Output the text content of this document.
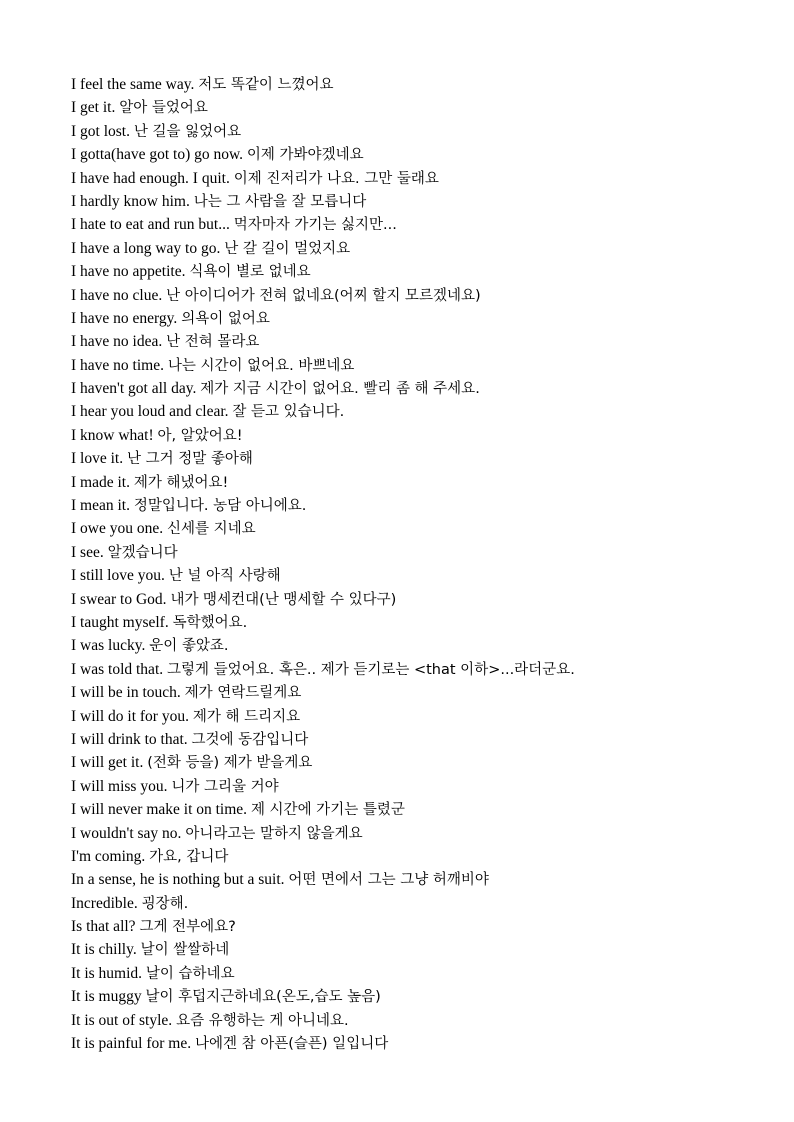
I feel the same way. 저도 똑같이 느꼈어요
I get it. 알아 들었어요
I got lost. 난 길을 잃었어요
I gotta(have got to) go now. 이제 가봐야겠네요
I have had enough. I quit. 이제 진저리가 나요. 그만 둘래요
I hardly know him. 나는 그 사람을 잘 모릅니다
I hate to eat and run but... 먹자마자 가기는 싫지만...
I have a long way to go. 난 갈 길이 멀었지요
I have no appetite. 식욕이 별로 없네요
I have no clue. 난 아이디어가 전혀 없네요(어찌 할지 모르겠네요)
I have no energy. 의욕이 없어요
I have no idea. 난 전혀 몰라요
I have no time. 나는 시간이 없어요. 바쁘네요
I haven't got all day. 제가 지금 시간이 없어요. 빨리 좀 해 주세요.
I hear you loud and clear. 잘 듣고 있습니다.
I know what! 아, 알았어요!
I love it. 난 그거 정말 좋아해
I made it. 제가 해냈어요!
I mean it. 정말입니다. 농담 아니에요.
I owe you one. 신세를 지네요
I see. 알겠습니다
I still love you. 난 널 아직 사랑해
I swear to God. 내가 맹세컨대(난 맹세할 수 있다구)
I taught myself. 독학했어요.
I was lucky. 운이 좋았죠.
I was told that. 그렇게 들었어요. 혹은.. 제가 듣기로는 <that 이하>...라더군요.
I will be in touch. 제가 연락드릴게요
I will do it for you. 제가 해 드리지요
I will drink to that. 그것에 동감입니다
I will get it. (전화 등을) 제가 받을게요
I will miss you. 니가 그리울 거야
I will never make it on time. 제 시간에 가기는 틀렸군
I wouldn't say no. 아니라고는 말하지 않을게요
I'm coming. 가요, 갑니다
In a sense, he is nothing but a suit. 어떤 면에서 그는 그냥 허깨비야
Incredible. 굉장해.
Is that all? 그게 전부에요?
It is chilly. 날이 쌀쌀하네
It is humid. 날이 습하네요
It is muggy 날이 후덥지근하네요(온도,습도 높음)
It is out of style. 요즘 유행하는 게 아니네요.
It is painful for me. 나에겐 참 아픈(슬픈) 일입니다
